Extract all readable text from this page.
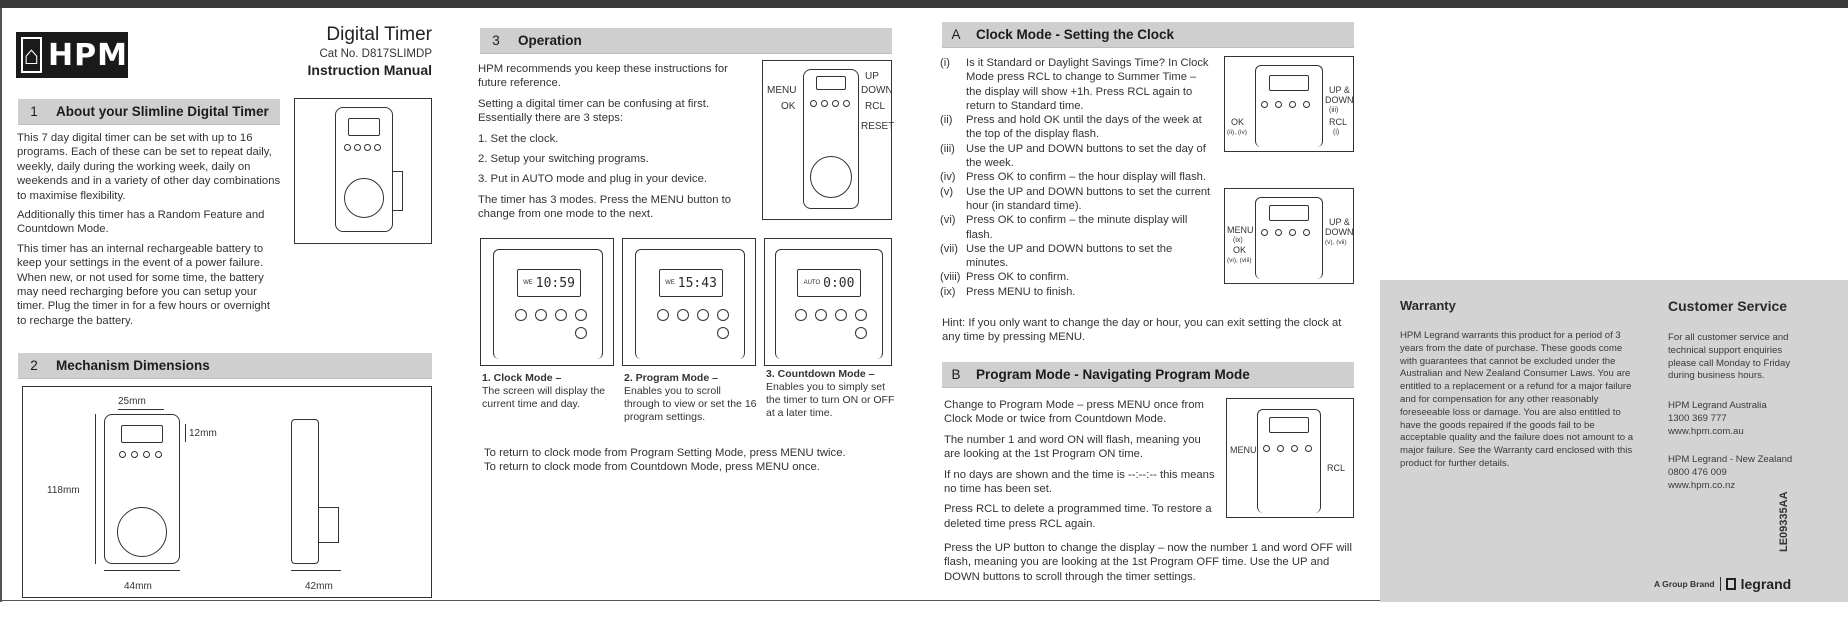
⌂ HPM
Digital Timer
Cat No. D817SLIMDP
Instruction Manual
1	About your Slimline Digital Timer

This 7 day digital timer can be set with up to 16 programs. Each of these can be set to repeat daily, weekly, daily during the working week, daily on weekends and in a variety of other day combinations to maximise flexibility.

Additionally this timer has a Random Feature and Countdown Mode.

This timer has an internal rechargeable battery to keep your settings in the event of a power failure. When new, or not used for some time, the battery may need recharging before you can setup your timer. Plug the timer in for a few hours or overnight to recharge the battery.

2	Mechanism Dimensions
25mm
118mm
12mm
44mm	42mm
3	Operation

HPM recommends you keep these instructions for future reference.

Setting a digital timer can be confusing at first. Essentially there are 3 steps:

1. Set the clock.

2. Setup your switching programs.

3. Put in AUTO mode and plug in your device.

The timer has 3 modes. Press the MENU button to change from one mode to the next.

MENU
OK
UP
DOWN
RCL
RESET
WE 10:59	WE 15:43	AUTO 0:00
1. Clock Mode –
The screen will display the current time and day.
2. Program Mode –
Enables you to scroll through to view or set the 16 program settings.
3. Countdown Mode –
Enables you to simply set the timer to turn ON or OFF at a later time.

To return to clock mode from Program Setting Mode, press MENU twice.

To return to clock mode from Countdown Mode, press MENU once.

A	Clock Mode - Setting the Clock
(i)	Is it Standard or Daylight Savings Time? In Clock Mode press RCL to change to Summer Time – the display will show +1h. Press RCL again to return to Standard time.
(ii)	Press and hold OK until the days of the week at the top of the display flash.
(iii) Use the UP and DOWN buttons to set the day of the week.
(iv) Press OK to confirm – the hour display will flash.
(v)	Use the UP and DOWN buttons to set the current hour (in standard time).
(vi) Press OK to confirm – the minute display will flash.
(vii) Use the UP and DOWN buttons to set the minutes.
(viii) Press OK to confirm.
(ix) Press MENU to finish.
UP &
DOWN
(iii)
OK
(ii), (iv)
RCL
(i)
UP &
DOWN
(v), (vii)
MENU
(ix)
OK
(vi), (viii)
Hint: If you only want to change the day or hour, you can exit setting the clock at any time by pressing MENU.
B	Program Mode - Navigating Program Mode

Change to Program Mode – press MENU once from Clock Mode or twice from Countdown Mode.

The number 1 and word ON will flash, meaning you are looking at the 1st Program ON time.

If no days are shown and the time is --:--:-- this means no time has been set.

Press RCL to delete a programmed time. To restore a deleted time press RCL again.

Press the UP button to change the display – now the number 1 and word OFF will flash, meaning you are looking at the 1st Program OFF time. Use the UP and DOWN buttons to scroll through the timer settings.
MENU
RCL
Warranty
HPM Legrand warrants this product for a period of 3 years from the date of purchase. These goods come with guarantees that cannot be excluded under the Australian and New Zealand Consumer Laws. You are entitled to a replacement or a refund for a major failure and for compensation for any other reasonably foreseeable loss or damage. You are also entitled to have the goods repaired if the goods fail to be acceptable quality and the failure does not amount to a major failure. See the Warranty card enclosed with this product for further details.
Customer Service
For all customer service and technical support enquiries please call Monday to Friday during business hours.
HPM Legrand Australia
1300 369 777
www.hpm.com.au
HPM Legrand - New Zealand
0800 476 009
www.hpm.co.nz
A Group Brand legrand
LE09335AA
